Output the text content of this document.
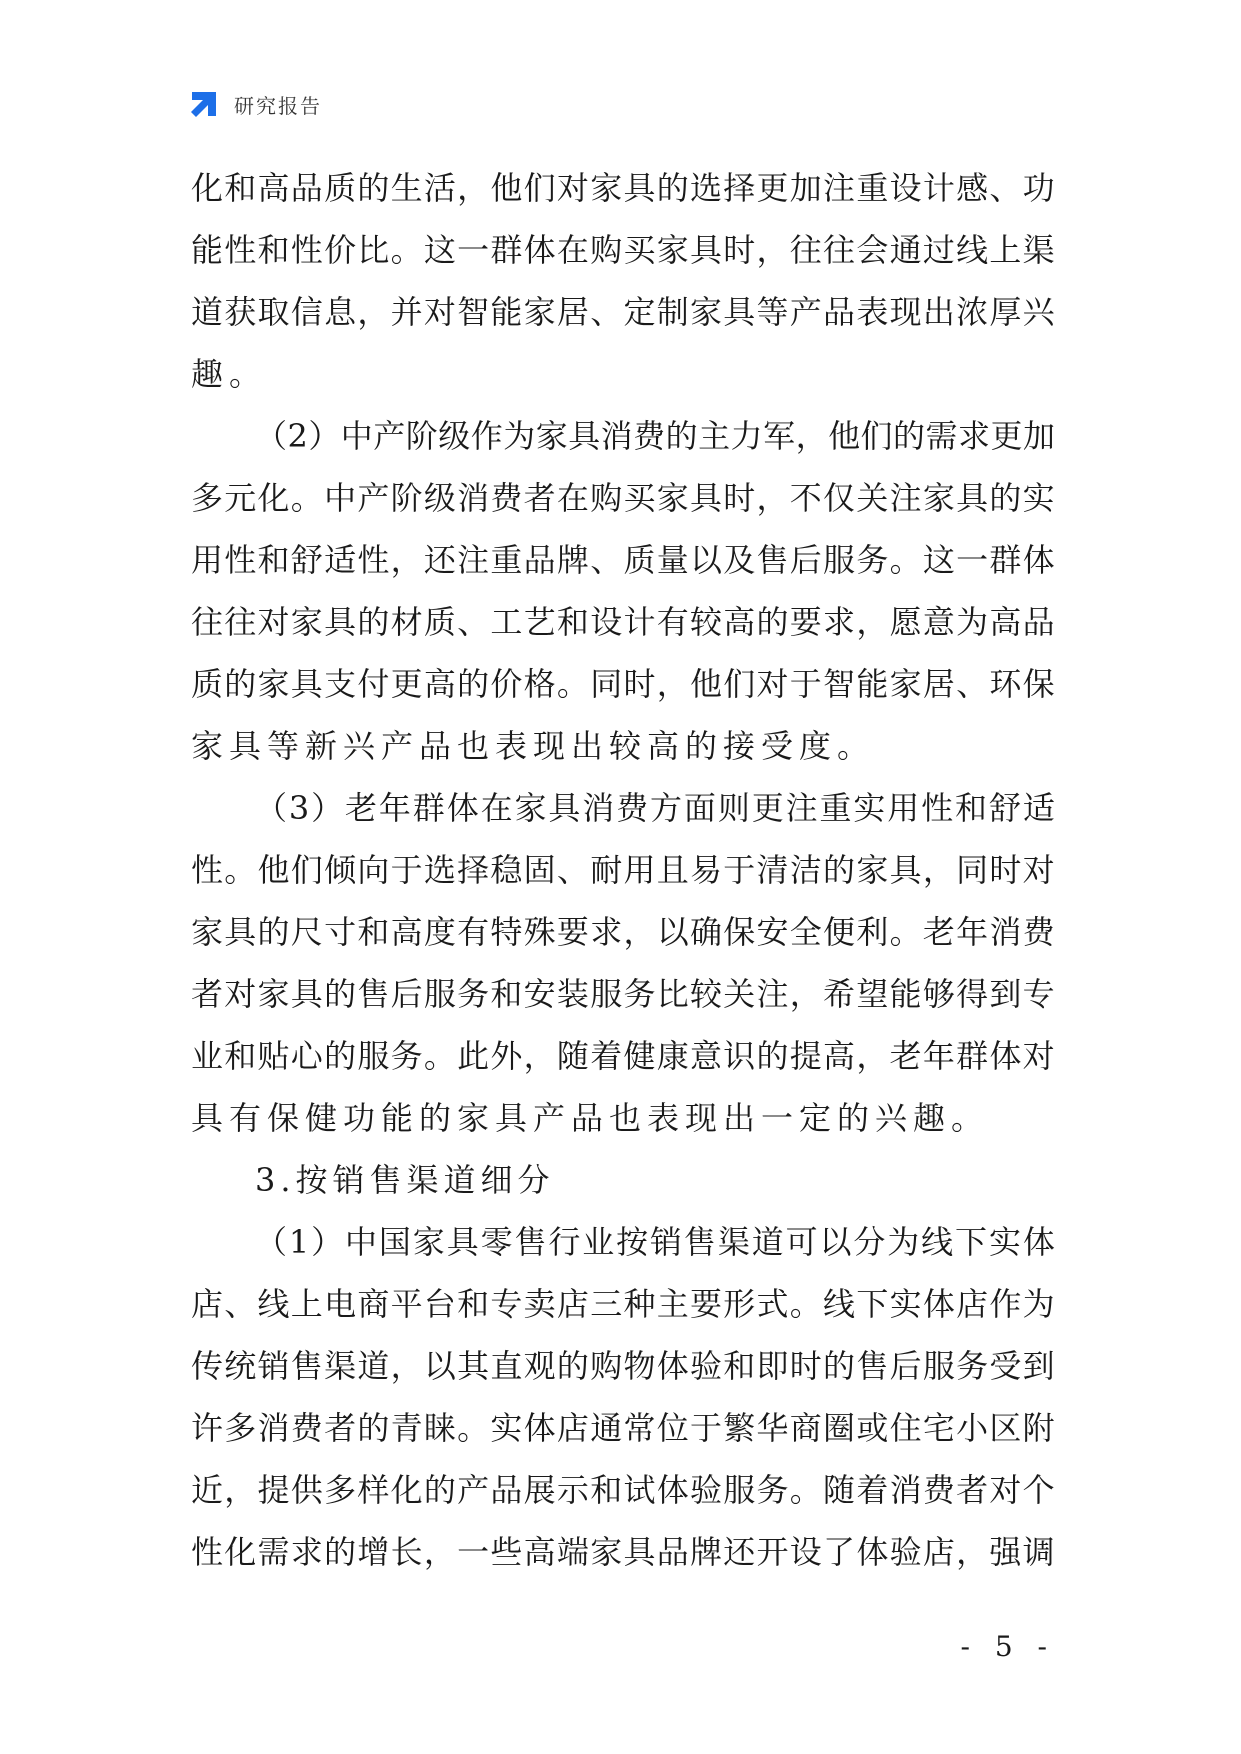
研究报告
化 和 高 品 质 的 生 活 ， 他 们 对 家 具 的 选 择 更 加 注 重 设 计 感 、 功
能 性 和 性 价 比 。 这 一 群 体 在 购 买 家 具 时 ， 往 往 会 通 过 线 上 渠
道 获 取 信 息 ， 并 对 智 能 家 居 、 定 制 家 具 等 产 品 表 现 出 浓 厚 兴
趣。
（ 2 ） 中 产 阶 级 作 为 家 具 消 费 的 主 力 军 ， 他 们 的 需 求 更 加
多 元 化 。 中 产 阶 级 消 费 者 在 购 买 家 具 时 ， 不 仅 关 注 家 具 的 实
用 性 和 舒 适 性 ， 还 注 重 品 牌 、 质 量 以 及 售 后 服 务 。 这 一 群 体
往 往 对 家 具 的 材 质 、 工 艺 和 设 计 有 较 高 的 要 求 ， 愿 意 为 高 品
质 的 家 具 支 付 更 高 的 价 格 。 同 时 ， 他 们 对 于 智 能 家 居 、 环 保
家具等新兴产品也表现出较高的接受度。
（ 3 ） 老 年 群 体 在 家 具 消 费 方 面 则 更 注 重 实 用 性 和 舒 适
性 。 他 们 倾 向 于 选 择 稳 固 、 耐 用 且 易 于 清 洁 的 家 具 ， 同 时 对
家 具 的 尺 寸 和 高 度 有 特 殊 要 求 ， 以 确 保 安 全 便 利 。 老 年 消 费
者 对 家 具 的 售 后 服 务 和 安 装 服 务 比 较 关 注 ， 希 望 能 够 得 到 专
业 和 贴 心 的 服 务 。 此 外 ， 随 着 健 康 意 识 的 提 高 ， 老 年 群 体 对
具有保健功能的家具产品也表现出一定的兴趣。
3.按销售渠道细分
（ 1 ） 中 国 家 具 零 售 行 业 按 销 售 渠 道 可 以 分 为 线 下 实 体
店 、 线 上 电 商 平 台 和 专 卖 店 三 种 主 要 形 式 。 线 下 实 体 店 作 为
传 统 销 售 渠 道 ， 以 其 直 观 的 购 物 体 验 和 即 时 的 售 后 服 务 受 到
许 多 消 费 者 的 青 睐 。 实 体 店 通 常 位 于 繁 华 商 圈 或 住 宅 小 区 附
近 ， 提 供 多 样 化 的 产 品 展 示 和 试 体 验 服 务 。 随 着 消 费 者 对 个
性 化 需 求 的 增 长 ， 一 些 高 端 家 具 品 牌 还 开 设 了 体 验 店 ， 强 调
- 5 -
